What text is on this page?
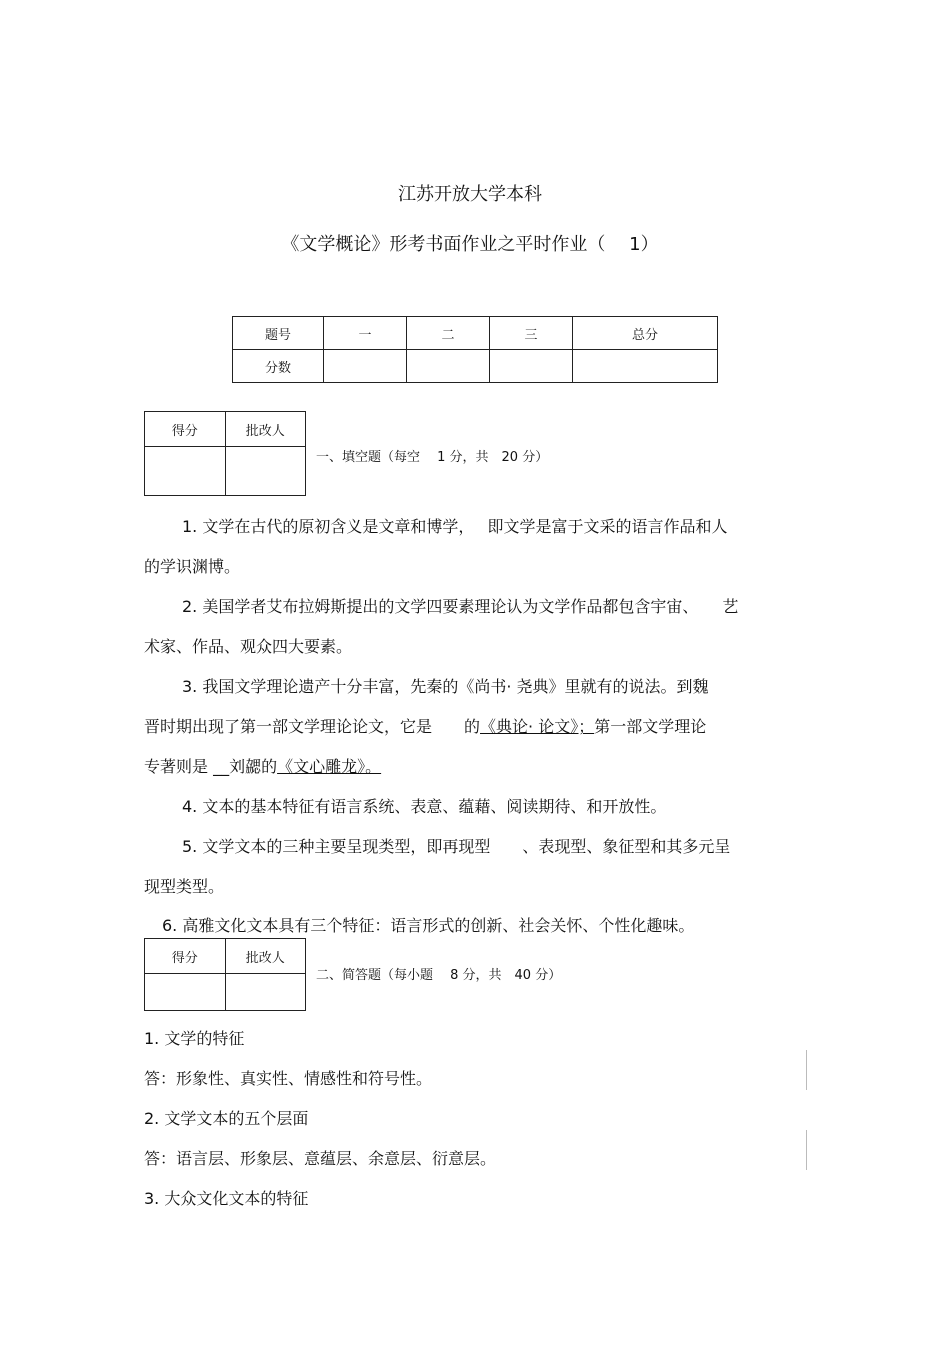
江苏开放大学本科
《文学概论》形考书面作业之平时作业（　 1）
题号	一	二	三	总分
分数				
得分	批改人

一、填空题（每空　 1 分，共　20 分）
1. 文学在古代的原初含义是文章和博学，　 即文学是富于文采的语言作品和人
的学识渊博。
2. 美国学者艾布拉姆斯提出的文学四要素理论认为文学作品都包含宇宙、　　艺
术家、作品、观众四大要素。
3. 我国文学理论遗产十分丰富，先秦的《尚书· 尧典》里就有的说法。到魏
晋时期出现了第一部文学理论论文，它是　　的《典论· 论文》；第一部文学理论
专著则是 __刘勰的《文心雕龙》。
4. 文本的基本特征有语言系统、表意、蕴藉、阅读期待、和开放性。
5. 文学文本的三种主要呈现类型，即再现型　　、表现型、象征型和其多元呈
现型类型。
6. 高雅文化文本具有三个特征：语言形式的创新、社会关怀、个性化趣味。
得分	批改人

二、简答题（每小题　 8 分，共　40 分）
1. 文学的特征
答：形象性、真实性、情感性和符号性。
2. 文学文本的五个层面
答：语言层、形象层、意蕴层、余意层、衍意层。
3. 大众文化文本的特征
